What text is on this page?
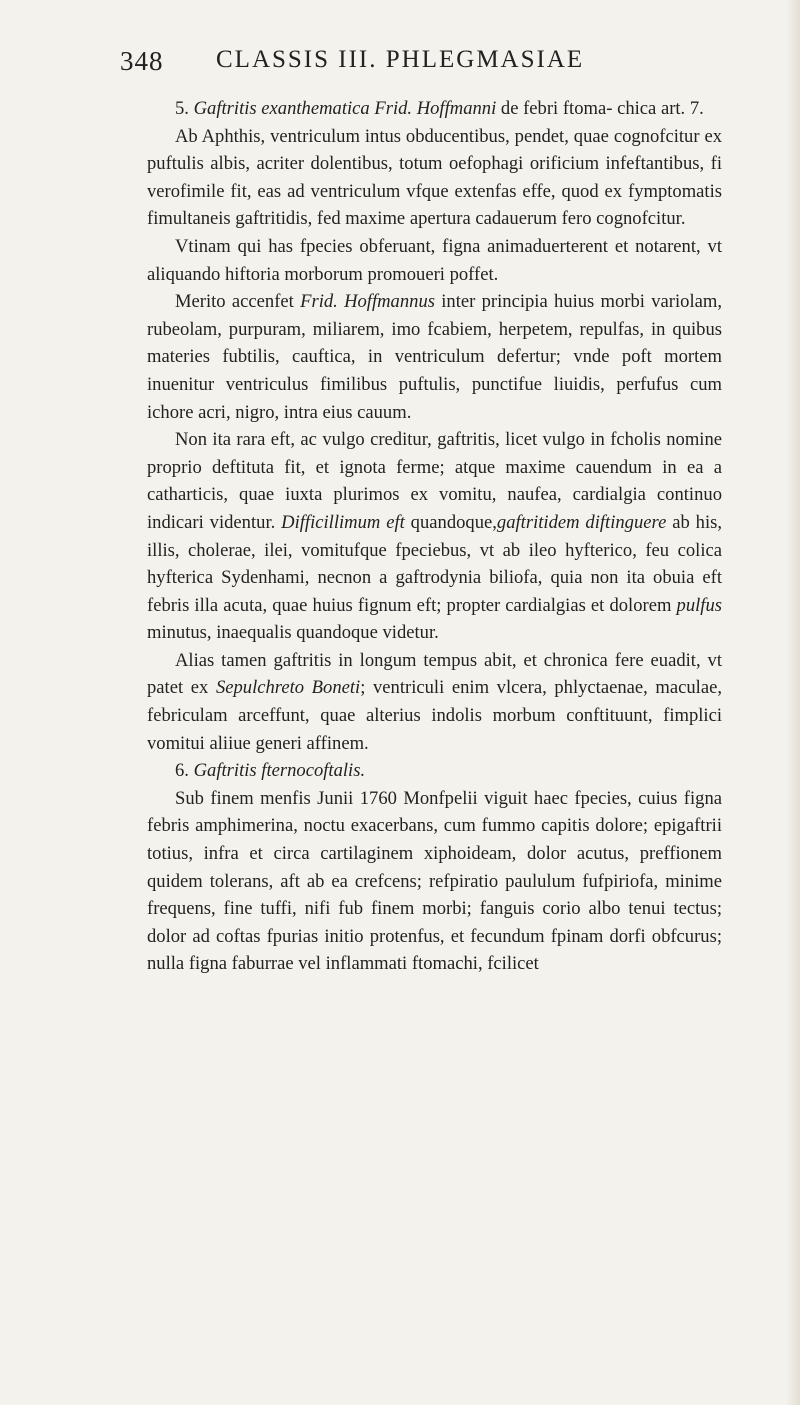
348 CLASSIS III. PHLEGMASIAE

5. Gaftritis exanthematica Frid. Hoffmanni de febri ftoma- chica art. 7.

Ab Aphthis, ventriculum intus obducentibus, pendet, quae cognofcitur ex puftulis albis, acriter dolentibus, totum oefophagi orificium infeftantibus, fi verofimile fit, eas ad ventriculum vfque extenfas effe, quod ex fymptomatis fimultaneis gaftritidis, fed maxime apertura cadauerum fero cognofcitur.

Vtinam qui has fpecies obferuant, figna animaduerterent et notarent, vt aliquando hiftoria morborum promoueri poffet.

Merito accenfet Frid. Hoffmannus inter principia huius morbi variolam, rubeolam, purpuram, miliarem, imo fcabiem, herpetem, repulfas, in quibus materies fubtilis, cauftica, in ventriculum defertur; vnde poft mortem inuenitur ventriculus fimilibus puftulis, punctifue liuidis, perfufus cum ichore acri, nigro, intra eius cauum.

Non ita rara eft, ac vulgo creditur, gaftritis, licet vulgo in fcholis nomine proprio deftituta fit, et ignota ferme; atque maxime cauendum in ea a catharticis, quae iuxta plurimos ex vomitu, naufea, cardialgia continuo indicari videntur. Difficillimum eft quandoque,gaftritidem diftinguere ab his, illis, cholerae, ilei, vomitufque fpeciebus, vt ab ileo hyfterico, feu colica hyfterica Sydenhami, necnon a gaftrodynia biliofa, quia non ita obuia eft febris illa acuta, quae huius fignum eft; propter cardialgias et dolorem pulfus minutus, inaequalis quandoque videtur.

Alias tamen gaftritis in longum tempus abit, et chronica fere euadit, vt patet ex Sepulchreto Boneti; ventriculi enim vlcera, phlyctaenae, maculae, febriculam arceffunt, quae alterius indolis morbum conftituunt, fimplici vomitui aliiue generi affinem.

6. Gaftritis fternocoftalis.

Sub finem menfis Junii 1760 Monfpelii viguit haec fpecies, cuius figna febris amphimerina, noctu exacerbans, cum fummo capitis dolore; epigaftrii totius, infra et circa cartilaginem xiphoideam, dolor acutus, preffionem quidem tolerans, aft ab ea crefcens; refpiratio paululum fufpiriofa, minime frequens, fine tuffi, nifi fub finem morbi; fanguis corio albo tenui tectus; dolor ad coftas fpurias initio protenfus, et fecundum fpinam dorfi obfcurus; nulla figna faburrae vel inflammati ftomachi, fcilicet
